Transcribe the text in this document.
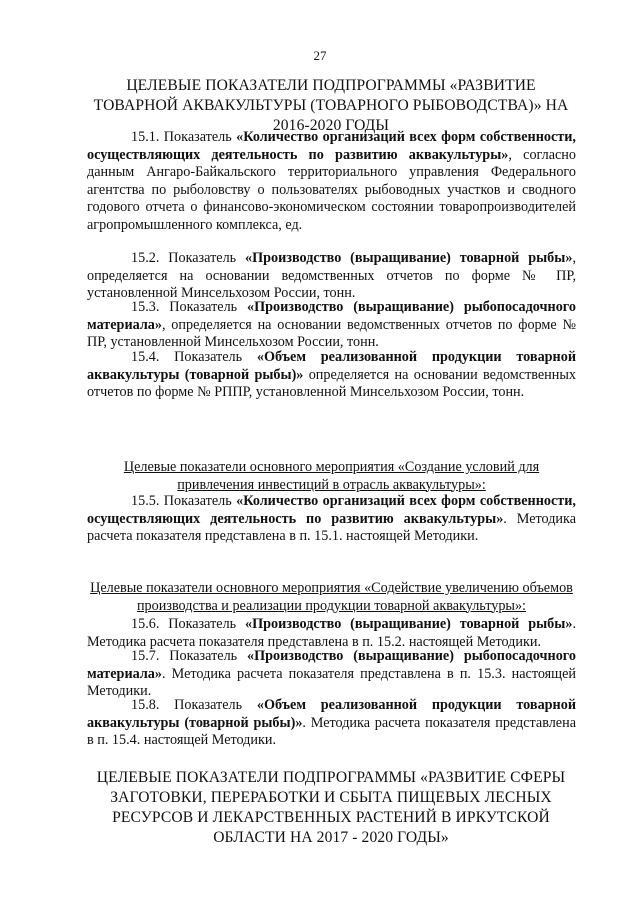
27
ЦЕЛЕВЫЕ ПОКАЗАТЕЛИ ПОДПРОГРАММЫ «РАЗВИТИЕ ТОВАРНОЙ АКВАКУЛЬТУРЫ (ТОВАРНОГО РЫБОВОДСТВА)» НА 2016-2020 ГОДЫ

15.1. Показатель «Количество организаций всех форм собственности, осуществляющих деятельность по развитию аквакультуры», согласно данным Ангаро-Байкальского территориального управления Федерального агентства по рыболовству о пользователях рыбоводных участков и сводного годового отчета о финансово-экономическом состоянии товаропроизводителей агропромышленного комплекса, ед.

15.2. Показатель «Производство (выращивание) товарной рыбы», определяется на основании ведомственных отчетов по форме № ПР, установленной Минсельхозом России, тонн.

15.3. Показатель «Производство (выращивание) рыбопосадочного материала», определяется на основании ведомственных отчетов по форме № ПР, установленной Минсельхозом России, тонн.

15.4. Показатель «Объем реализованной продукции товарной аквакультуры (товарной рыбы)» определяется на основании ведомственных отчетов по форме № РППР, установленной Минсельхозом России, тонн.

Целевые показатели основного мероприятия «Создание условий для привлечения инвестиций в отрасль аквакультуры»:

15.5. Показатель «Количество организаций всех форм собственности, осуществляющих деятельность по развитию аквакультуры». Методика расчета показателя представлена в п. 15.1. настоящей Методики.

Целевые показатели основного мероприятия «Содействие увеличению объемов производства и реализации продукции товарной аквакультуры»:

15.6. Показатель «Производство (выращивание) товарной рыбы». Методика расчета показателя представлена в п. 15.2. настоящей Методики.

15.7. Показатель «Производство (выращивание) рыбопосадочного материала». Методика расчета показателя представлена в п. 15.3. настоящей Методики.

15.8. Показатель «Объем реализованной продукции товарной аквакультуры (товарной рыбы)». Методика расчета показателя представлена в п. 15.4. настоящей Методики.

ЦЕЛЕВЫЕ ПОКАЗАТЕЛИ ПОДПРОГРАММЫ «РАЗВИТИЕ СФЕРЫ ЗАГОТОВКИ, ПЕРЕРАБОТКИ И СБЫТА ПИЩЕВЫХ ЛЕСНЫХ РЕСУРСОВ И ЛЕКАРСТВЕННЫХ РАСТЕНИЙ В ИРКУТСКОЙ ОБЛАСТИ НА 2017 - 2020 ГОДЫ»
